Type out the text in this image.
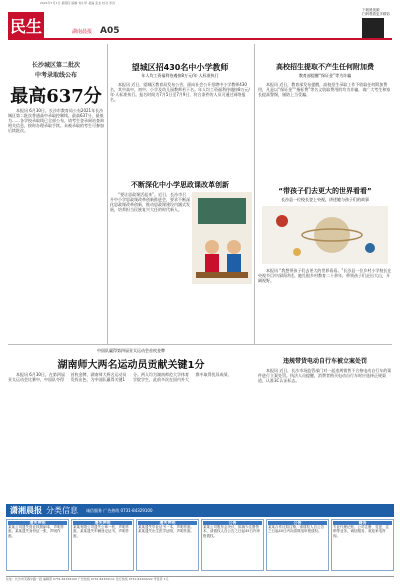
2021年7月1日 星期四 编辑 刘小甲 美编 张永 校对 李四
民生	湖南晨报 A05
下载晨视频
扫码观看更多精彩
长沙城区第二批次
中考录取线公布
最高637分

本报讯 6月30日，长沙市教育局公布2021年长沙城区第二批次普通高中录取控制线。最高637分，最低为……各学校录取线已全部公布，请考生登录网站查询相关信息，按时办理录取手续。未被录取的考生可参加后续批次。

望城区招430名中小学教师
年人均工资福利待遇按8万元/年·人标准执行

本报讯 近日，望城区教育局发布公告，面向社会公开招聘中小学教师430名，其中高中、初中、小学及幼儿园教师若干名。年人均工资福利待遇按8万元/年·人标准执行。报名时间为7月5日至7月9日，符合条件的人员可通过网络报名。

不断深化中小学思政课改革创新

“要让思政课活起来”。近日，长沙市召开中小学思政课改革创新推进会，要求不断深化思政课改革创新，推动思政课建设内涵式发展，培养担当民族复兴大任的时代新人。

高校招生提取不产生任何附加费
教育部提醒“保证金”等为诈骗

本报讯 近日，教育部发布提醒，高校招生录取工作不收取任何附加费用，凡是以“保证金”“指标费”等名义收取费用的均为诈骗，请广大考生和家长提高警惕，谨防上当受骗。

“带孩子们去更大的世界看看”
长沙县一位校长登上央视，讲述她与孩子们的故事

本报讯 “我想带孩子们去更大的世界看看。”长沙县一位乡村小学校长在央视节目中深情讲述。她扎根乡村教育二十余年，带领孩子们走出大山，开阔视野。

中国队赢得第四届亚太运动会首枚金牌
湖南师大两名运动员贡献关键1分

本报讯 6月30日，在第四届亚太运动会比赛中，中国队夺得首枚金牌，湖南师大两名运动员发挥出色，为中国队赢得关键1分。两人均为湖南师范大学体育学院学生，此前多次在国内外大赛中取得优异成绩。

违规带货电动自行车被立案处罚

本报讯 近日，长沙市场监管部门对一起违规销售不合格电动自行车的案件进行立案处罚。执法人员提醒，消费者购买电动自行车时应选择正规渠道，认准3C认证标志。

潇湘晨报 分类信息 诚信服务 广告热线 0731-84329100
遗失声明
某某公司遗失营业执照副本，声明作废。某某遗失身份证一张，声明作废。
遗失声明
某某有限公司遗失公章一枚，声明作废。某某遗失车辆登记证书，声明作废。
遗失声明
某某遗失毕业证书一本，声明作废。某某遗失出生医学证明，声明作废。
公告
某某公司股东会决议，拟减少注册资本，请债权人自公告之日起45日内申报债权。
公告
某某合作社拟注销，请债权人自公告之日起45日内向清算组申报债权。
商务
专业代理记账、公司注册、变更、注销等业务，诚信服务，欢迎来电咨询。
社址：长沙市芙蓉中路一段 编辑部 0731-84329100 广告热线 0731-84329111 发行热线 0731-84329222 零售价 1元
